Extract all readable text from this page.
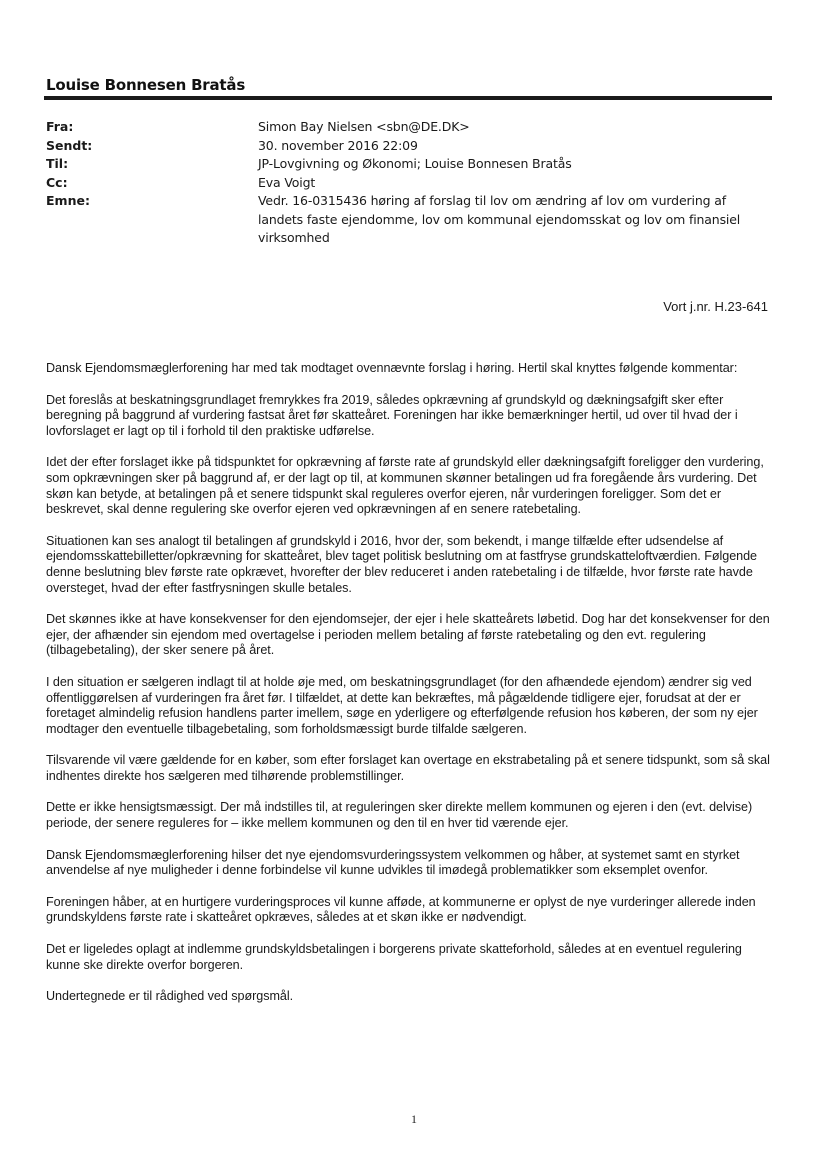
Louise Bonnesen Bratås
Fra:	Simon Bay Nielsen <sbn@DE.DK>
Sendt:	30. november 2016 22:09
Til:	JP-Lovgivning og Økonomi; Louise Bonnesen Bratås
Cc:	Eva Voigt
Emne:	Vedr. 16-0315436 høring af forslag til lov om ændring af lov om vurdering af landets faste ejendomme, lov om kommunal ejendomsskat og lov om finansiel virksomhed
Vort j.nr. H.23-641

Dansk Ejendomsmæglerforening har med tak modtaget ovennævnte forslag i høring. Hertil skal knyttes følgende kommentar:

Det foreslås at beskatningsgrundlaget fremrykkes fra 2019, således opkrævning af grundskyld og dækningsafgift sker efter beregning på baggrund af vurdering fastsat året før skatteåret. Foreningen har ikke bemærkninger hertil, ud over til hvad der i lovforslaget er lagt op til i forhold til den praktiske udførelse.

Idet der efter forslaget ikke på tidspunktet for opkrævning af første rate af grundskyld eller dækningsafgift foreligger den vurdering, som opkrævningen sker på baggrund af, er der lagt op til, at kommunen skønner betalingen ud fra foregående års vurdering. Det skøn kan betyde, at betalingen på et senere tidspunkt skal reguleres overfor ejeren, når vurderingen foreligger. Som det er beskrevet, skal denne regulering ske overfor ejeren ved opkrævningen af en senere ratebetaling.

Situationen kan ses analogt til betalingen af grundskyld i 2016, hvor der, som bekendt, i mange tilfælde efter udsendelse af ejendomsskattebilletter/opkrævning for skatteåret, blev taget politisk beslutning om at fastfryse grundskatteloftværdien. Følgende denne beslutning blev første rate opkrævet, hvorefter der blev reduceret i anden ratebetaling i de tilfælde, hvor første rate havde oversteget, hvad der efter fastfrysningen skulle betales.

Det skønnes ikke at have konsekvenser for den ejendomsejer, der ejer i hele skatteårets løbetid. Dog har det konsekvenser for den ejer, der afhænder sin ejendom med overtagelse i perioden mellem betaling af første ratebetaling og den evt. regulering (tilbagebetaling), der sker senere på året.

I den situation er sælgeren indlagt til at holde øje med, om beskatningsgrundlaget (for den afhændede ejendom) ændrer sig ved offentliggørelsen af vurderingen fra året før. I tilfældet, at dette kan bekræftes, må pågældende tidligere ejer, forudsat at der er foretaget almindelig refusion handlens parter imellem, søge en yderligere og efterfølgende refusion hos køberen, der som ny ejer modtager den eventuelle tilbagebetaling, som forholdsmæssigt burde tilfalde sælgeren.

Tilsvarende vil være gældende for en køber, som efter forslaget kan overtage en ekstrabetaling på et senere tidspunkt, som så skal indhentes direkte hos sælgeren med tilhørende problemstillinger.

Dette er ikke hensigtsmæssigt. Der må indstilles til, at reguleringen sker direkte mellem kommunen og ejeren i den (evt. delvise) periode, der senere reguleres for – ikke mellem kommunen og den til en hver tid værende ejer.

Dansk Ejendomsmæglerforening hilser det nye ejendomsvurderingssystem velkommen og håber, at systemet samt en styrket anvendelse af nye muligheder i denne forbindelse vil kunne udvikles til imødegå problematikker som eksemplet ovenfor.

Foreningen håber, at en hurtigere vurderingsproces vil kunne afføde, at kommunerne er oplyst de nye vurderinger allerede inden grundskyldens første rate i skatteåret opkræves, således at et skøn ikke er nødvendigt.

Det er ligeledes oplagt at indlemme grundskyldsbetalingen i borgerens private skatteforhold, således at en eventuel regulering kunne ske direkte overfor borgeren.

Undertegnede er til rådighed ved spørgsmål.

1
